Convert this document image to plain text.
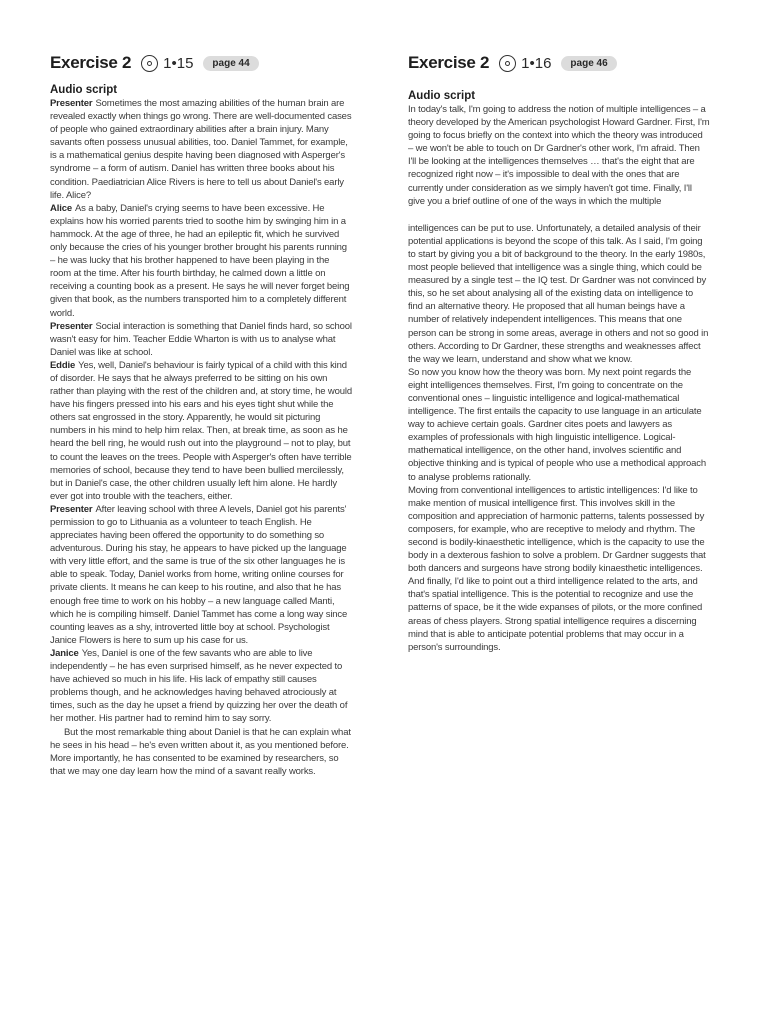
Exercise 2 1•15	page 44
Audio script

Presenter Sometimes the most amazing abilities of the human brain are revealed exactly when things go wrong. There are well-documented cases of people who gained extraordinary abilities after a brain injury. Many savants often possess unusual abilities, too. Daniel Tammet, for example, is a mathematical genius despite having been diagnosed with Asperger's syndrome – a form of autism. Daniel has written three books about his condition. Paediatrician Alice Rivers is here to tell us about Daniel's early life. Alice?

Alice As a baby, Daniel's crying seems to have been excessive. He explains how his worried parents tried to soothe him by swinging him in a hammock. At the age of three, he had an epileptic fit, which he survived only because the cries of his younger brother brought his parents running – he was lucky that his brother happened to have been playing in the room at the time. After his fourth birthday, he calmed down a little on receiving a counting book as a present. He says he will never forget being given that book, as the numbers transported him to a completely different world.

Presenter Social interaction is something that Daniel finds hard, so school wasn't easy for him. Teacher Eddie Wharton is with us to analyse what Daniel was like at school.

Eddie Yes, well, Daniel's behaviour is fairly typical of a child with this kind of disorder. He says that he always preferred to be sitting on his own rather than playing with the rest of the children and, at story time, he would have his fingers pressed into his ears and his eyes tight shut while the others sat engrossed in the story. Apparently, he would sit picturing numbers in his mind to help him relax. Then, at break time, as soon as he heard the bell ring, he would rush out into the playground – not to play, but to count the leaves on the trees. People with Asperger's often have terrible memories of school, because they tend to have been bullied mercilessly, but in Daniel's case, the other children usually left him alone. He hardly ever got into trouble with the teachers, either.

Presenter After leaving school with three A levels, Daniel got his parents' permission to go to Lithuania as a volunteer to teach English. He appreciates having been offered the opportunity to do something so adventurous. During his stay, he appears to have picked up the language with very little effort, and the same is true of the six other languages he is able to speak. Today, Daniel works from home, writing online courses for private clients. It means he can keep to his routine, and also that he has enough free time to work on his hobby – a new language called Manti, which he is compiling himself. Daniel Tammet has come a long way since counting leaves as a shy, introverted little boy at school. Psychologist Janice Flowers is here to sum up his case for us.

Janice Yes, Daniel is one of the few savants who are able to live independently – he has even surprised himself, as he never expected to have achieved so much in his life. His lack of empathy still causes problems though, and he acknowledges having behaved atrociously at times, such as the day he upset a friend by quizzing her over the death of her mother. His partner had to remind him to say sorry.

But the most remarkable thing about Daniel is that he can explain what he sees in his head – he's even written about it, as you mentioned before. More importantly, he has consented to be examined by researchers, so that we may one day learn how the mind of a savant really works.

Exercise 2 1•16	page 46
Audio script

In today's talk, I'm going to address the notion of multiple intelligences – a theory developed by the American psychologist Howard Gardner. First, I'm going to focus briefly on the context into which the theory was introduced – we won't be able to touch on Dr Gardner's other work, I'm afraid. Then I'll be looking at the intelligences themselves … that's the eight that are recognized right now – it's impossible to deal with the ones that are currently under consideration as we simply haven't got time. Finally, I'll give you a brief outline of one of the ways in which the multiple

intelligences can be put to use. Unfortunately, a detailed analysis of their potential applications is beyond the scope of this talk. As I said, I'm going to start by giving you a bit of background to the theory. In the early 1980s, most people believed that intelligence was a single thing, which could be measured by a single test – the IQ test. Dr Gardner was not convinced by this, so he set about analysing all of the existing data on intelligence to find an alternative theory. He proposed that all human beings have a number of relatively independent intelligences. This means that one person can be strong in some areas, average in others and not so good in others. According to Dr Gardner, these strengths and weaknesses affect the way we learn, understand and show what we know.

So now you know how the theory was born. My next point regards the eight intelligences themselves. First, I'm going to concentrate on the conventional ones – linguistic intelligence and logical-mathematical intelligence. The first entails the capacity to use language in an articulate way to achieve certain goals. Gardner cites poets and lawyers as examples of professionals with high linguistic intelligence. Logical-mathematical intelligence, on the other hand, involves scientific and objective thinking and is typical of people who use a methodical approach to analyse problems rationally.

Moving from conventional intelligences to artistic intelligences: I'd like to make mention of musical intelligence first. This involves skill in the composition and appreciation of harmonic patterns, talents possessed by composers, for example, who are receptive to melody and rhythm. The second is bodily-kinaesthetic intelligence, which is the capacity to use the body in a dexterous fashion to solve a problem. Dr Gardner suggests that both dancers and surgeons have strong bodily kinaesthetic intelligences. And finally, I'd like to point out a third intelligence related to the arts, and that's spatial intelligence. This is the potential to recognize and use the patterns of space, be it the wide expanses of pilots, or the more confined areas of chess players. Strong spatial intelligence requires a discerning mind that is able to anticipate potential problems that may occur in a person's surroundings.
